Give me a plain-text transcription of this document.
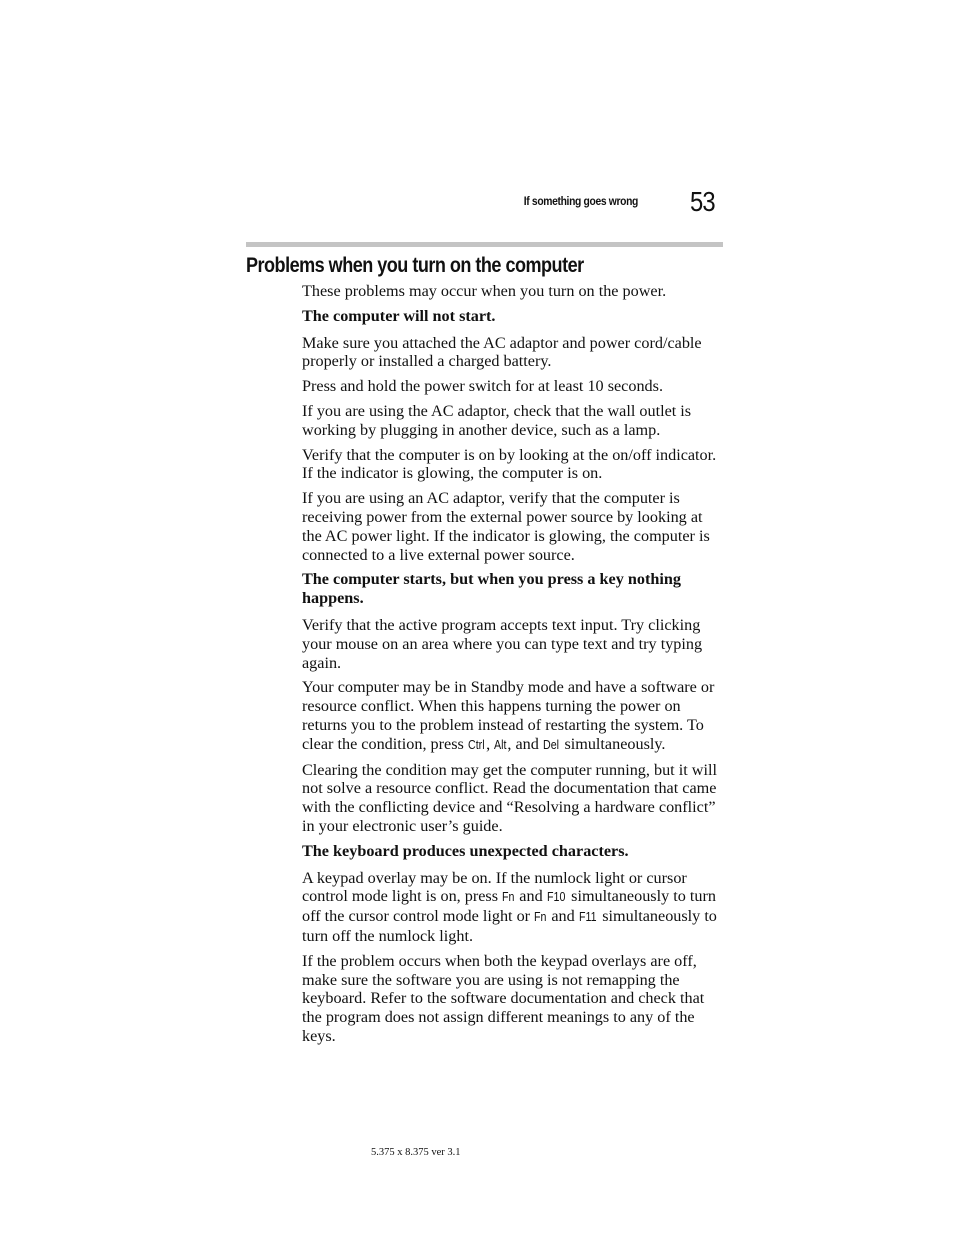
If something goes wrong 53
Problems when you turn on the computer

These problems may occur when you turn on the power.

The computer will not start.

Make sure you attached the AC adaptor and power cord/cable properly or installed a charged battery.

Press and hold the power switch for at least 10 seconds.

If you are using the AC adaptor, check that the wall outlet is working by plugging in another device, such as a lamp.

Verify that the computer is on by looking at the on/off indicator. If the indicator is glowing, the computer is on.

If you are using an AC adaptor, verify that the computer is receiving power from the external power source by looking at the AC power light. If the indicator is glowing, the computer is connected to a live external power source.

The computer starts, but when you press a key nothing happens.

Verify that the active program accepts text input. Try clicking your mouse on an area where you can type text and try typing again.

Your computer may be in Standby mode and have a software or resource conflict. When this happens turning the power on returns you to the problem instead of restarting the system. To clear the condition, press Ctrl , Alt, and Del simultaneously.

Clearing the condition may get the computer running, but it will not solve a resource conflict. Read the documentation that came with the conflicting device and “Resolving a hardware conflict” in your electronic user’s guide.

The keyboard produces unexpected characters.

A keypad overlay may be on. If the numlock light or cursor control mode light is on, press Fn and F10 simultaneously to turn off the cursor control mode light or Fn and F11 simultaneously to turn off the numlock light.

If the problem occurs when both the keypad overlays are off, make sure the software you are using is not remapping the keyboard. Refer to the software documentation and check that the program does not assign different meanings to any of the keys.

5.375 x 8.375 ver 3.1
